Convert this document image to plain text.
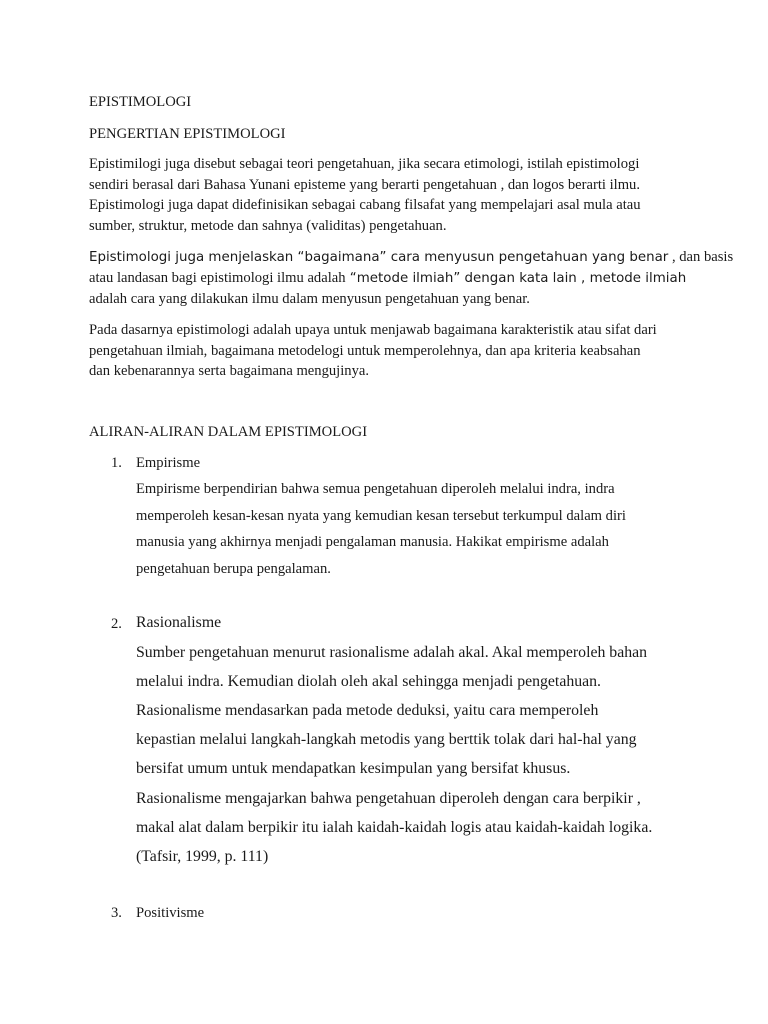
EPISTIMOLOGI
PENGERTIAN EPISTIMOLOGI
Epistimilogi juga disebut sebagai teori pengetahuan, jika secara etimologi, istilah epistimologi
sendiri berasal dari Bahasa Yunani episteme yang berarti pengetahuan , dan logos berarti ilmu.
Epistimologi juga dapat didefinisikan sebagai cabang filsafat yang mempelajari asal mula atau
sumber, struktur, metode dan sahnya (validitas) pengetahuan.
Epistimologi juga menjelaskan “bagaimana” cara menyusun pengetahuan yang benar , dan basis
atau landasan bagi epistimologi ilmu adalah “metode ilmiah” dengan kata lain , metode ilmiah
adalah cara yang dilakukan ilmu dalam menyusun pengetahuan yang benar.
Pada dasarnya epistimologi adalah upaya untuk menjawab bagaimana karakteristik atau sifat dari
pengetahuan ilmiah, bagaimana metodelogi untuk memperolehnya, dan apa kriteria keabsahan
dan kebenarannya serta bagaimana mengujinya.
ALIRAN-ALIRAN DALAM EPISTIMOLOGI
1. Empirisme
Empirisme berpendirian bahwa semua pengetahuan diperoleh melalui indra, indra
memperoleh kesan-kesan nyata yang kemudian kesan tersebut terkumpul dalam diri
manusia yang akhirnya menjadi pengalaman manusia. Hakikat empirisme adalah
pengetahuan berupa pengalaman.
2. Rasionalisme
Sumber pengetahuan menurut rasionalisme adalah akal. Akal memperoleh bahan
melalui indra. Kemudian diolah oleh akal sehingga menjadi pengetahuan.
Rasionalisme mendasarkan pada metode deduksi, yaitu cara memperoleh
kepastian melalui langkah-langkah metodis yang berttik tolak dari hal-hal yang
bersifat umum untuk mendapatkan kesimpulan yang bersifat khusus.
Rasionalisme mengajarkan bahwa pengetahuan diperoleh dengan cara berpikir ,
makal alat dalam berpikir itu ialah kaidah-kaidah logis atau kaidah-kaidah logika.
(Tafsir, 1999, p. 111)
3. Positivisme
